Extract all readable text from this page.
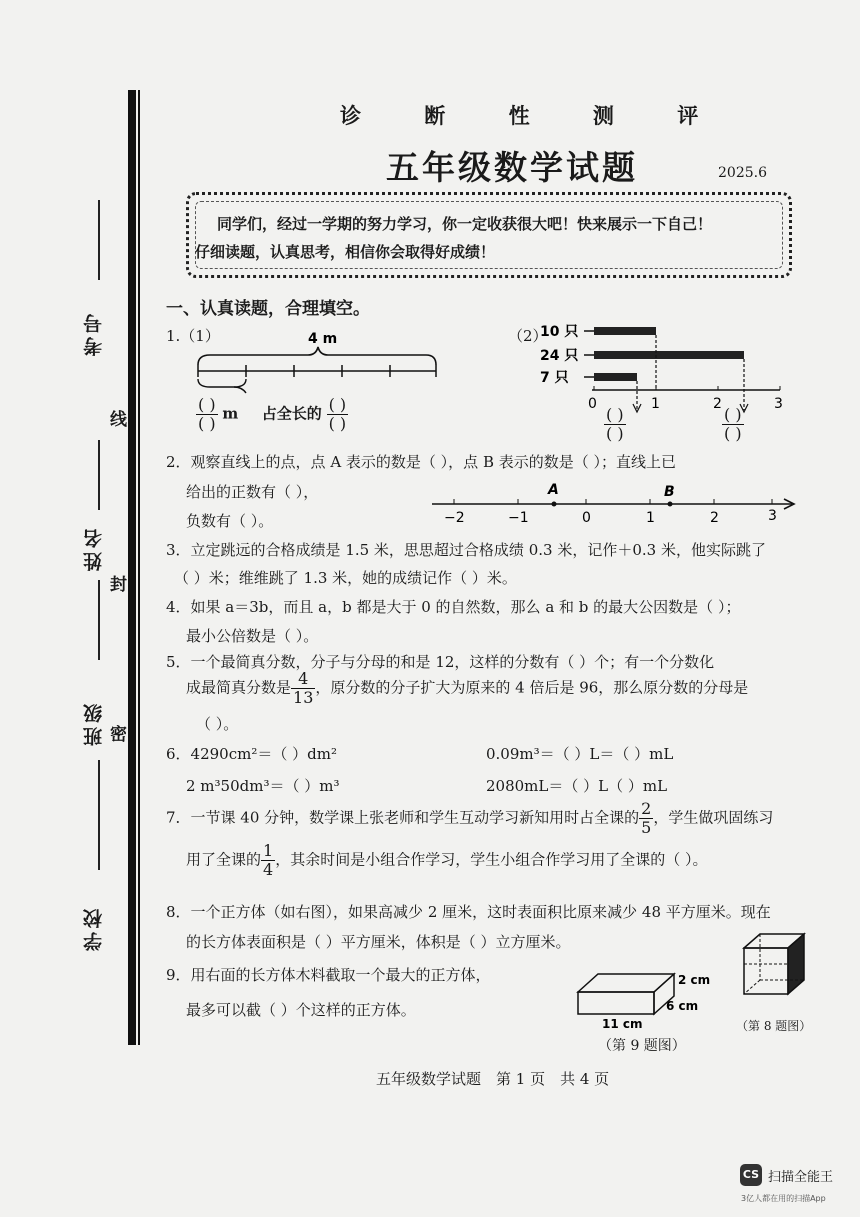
考号
线
姓名
封
班级 密
学校
诊 断 性 测 评
五年级数学试题	2025.6
同学们，经过一学期的努力学习，你一定收获很大吧！快来展示一下自己！
仔细读题，认真思考，相信你会取得好成绩！
一、认真读题，合理填空。
1.（1）	4 m
( )
( )
m 占全长的 ( )
( )
（2）
10 只
24 只
7 只
0	1	2	3
( )
( )
( )
( )
2．观察直线上的点，点 A 表示的数是（ ），点 B 表示的数是（ ）；直线上已
给出的正数有（ ），
负数有（ ）。
A	B
−2	−1	0	1	2	3
3．立定跳远的合格成绩是 1.5 米，思思超过合格成绩 0.3 米，记作＋0.3 米，他实际跳了
（ ）米；维维跳了 1.3 米，她的成绩记作（ ）米。
4．如果 a＝3b，而且 a，b 都是大于 0 的自然数，那么 a 和 b 的最大公因数是（ ）；
最小公倍数是（ ）。
5．一个最简真分数，分子与分母的和是 12，这样的分数有（ ）个；有一个分数化
成最简真分数是 $\frac{4}{13}$ ，原分数的分子扩大为原来的 4 倍后是 96，那么原分数的分母是
（ ）。
6．4290cm²＝（ ）dm²	0.09m³＝（ ）L＝（ ）mL
2 m³50dm³＝（ ）m³	2080mL＝（ ）L（ ）mL
7．一节课 40 分钟，数学课上张老师和学生互动学习新知用时占全课的 $\frac{2}{5}$ ，学生做巩固练习
用了全课的 $\frac{1}{4}$ ，其余时间是小组合作学习，学生小组合作学习用了全课的（ ）。
8．一个正方体（如右图），如果高减少 2 厘米，这时表面积比原来减少 48 平方厘米。现在
的长方体表面积是（ ）平方厘米，体积是（ ）立方厘米。
（第 8 题图）
9．用右面的长方体木料截取一个最大的正方体，
最多可以截（ ）个这样的正方体。
2 cm
6 cm
11 cm
（第 9 题图）
五年级数学试题　第 1 页　共 4 页
CS 扫描全能王
3亿人都在用的扫描App
